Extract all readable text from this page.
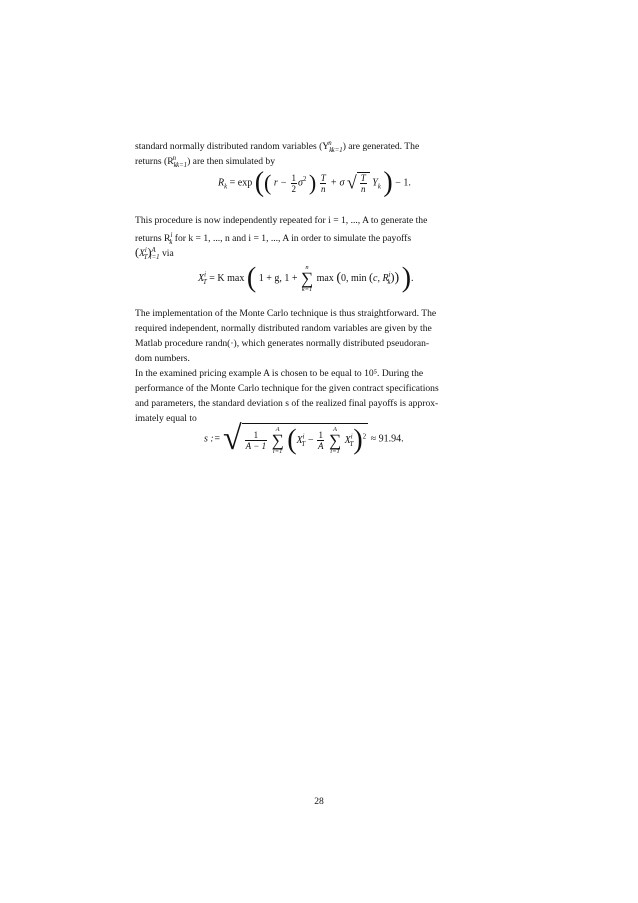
standard normally distributed random variables $(Y_k^n_{k=1})$ are generated. The
returns $(R_k^n_{k=1})$ are then simulated by
$R_k = \exp$ (( $r - \frac{1}{2} \sigma^2$ ) $\frac{T}{n} + \sigma$ √ $\frac{T}{n} Y_k$ ) − 1.
This procedure is now independently repeated for i = 1, ..., A to generate the
returns $R^i_k$ for k = 1, ..., n and i = 1, ..., A in order to simulate the payoffs
$(X^i_T)^A_{i=1}$ via
$X^i_T = K$ max ( 1 + g, 1 +
n
∑
k=1
max (0, min (c, $R^i_k$)) ).
The implementation of the Monte Carlo technique is thus straightforward. The
required independent, normally distributed random variables are given by the
Matlab procedure randn(·), which generates normally distributed pseudoran-
dom numbers.
In the examined pricing example A is chosen to be equal to 10⁵. During the
performance of the Monte Carlo technique for the given contract specifications
and parameters, the standard deviation s of the realized final payoffs is approx-
imately equal to
s := √ $\frac{1}{A - 1}$

A
∑
i=1 ($X^i_T - \frac{1}{A}$

A
∑
i=1
$X^i_T)^2 \approx 91.94$.
28
